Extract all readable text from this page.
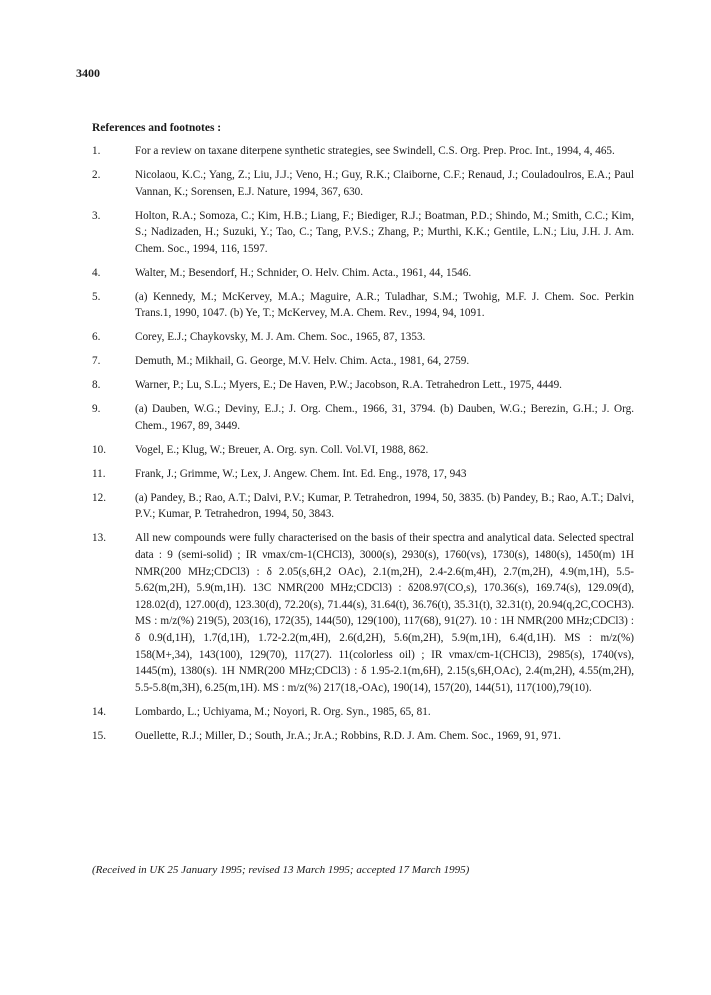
3400
References and footnotes :
1.	For a review on taxane diterpene synthetic strategies, see Swindell, C.S. Org. Prep. Proc. Int., 1994, 4, 465.
2.	Nicolaou, K.C.; Yang, Z.; Liu, J.J.; Veno, H.; Guy, R.K.; Claiborne, C.F.; Renaud, J.; Couladoulros, E.A.; Paul Vannan, K.; Sorensen, E.J. Nature, 1994, 367, 630.
3.	Holton, R.A.; Somoza, C.; Kim, H.B.; Liang, F.; Biediger, R.J.; Boatman, P.D.; Shindo, M.; Smith, C.C.; Kim, S.; Nadizaden, H.; Suzuki, Y.; Tao, C.; Tang, P.V.S.; Zhang, P.; Murthi, K.K.; Gentile, L.N.; Liu, J.H. J. Am. Chem. Soc., 1994, 116, 1597.
4.	Walter, M.; Besendorf, H.; Schnider, O. Helv. Chim. Acta., 1961, 44, 1546.
5.	(a) Kennedy, M.; McKervey, M.A.; Maguire, A.R.; Tuladhar, S.M.; Twohig, M.F. J. Chem. Soc. Perkin Trans.1, 1990, 1047. (b) Ye, T.; McKervey, M.A. Chem. Rev., 1994, 94, 1091.
6.	Corey, E.J.; Chaykovsky, M. J. Am. Chem. Soc., 1965, 87, 1353.
7.	Demuth, M.; Mikhail, G. George, M.V. Helv. Chim. Acta., 1981, 64, 2759.
8.	Warner, P.; Lu, S.L.; Myers, E.; De Haven, P.W.; Jacobson, R.A. Tetrahedron Lett., 1975, 4449.
9.	(a) Dauben, W.G.; Deviny, E.J.; J. Org. Chem., 1966, 31, 3794. (b) Dauben, W.G.; Berezin, G.H.; J. Org. Chem., 1967, 89, 3449.
10.	Vogel, E.; Klug, W.; Breuer, A. Org. syn. Coll. Vol.VI, 1988, 862.
11.	Frank, J.; Grimme, W.; Lex, J. Angew. Chem. Int. Ed. Eng., 1978, 17, 943
12.	(a) Pandey, B.; Rao, A.T.; Dalvi, P.V.; Kumar, P. Tetrahedron, 1994, 50, 3835. (b) Pandey, B.; Rao, A.T.; Dalvi, P.V.; Kumar, P. Tetrahedron, 1994, 50, 3843.
13.	All new compounds were fully characterised on the basis of their spectra and analytical data. Selected spectral data : 9 (semi-solid) ; IR νmax/cm-1(CHCl3), 3000(s), 2930(s), 1760(vs), 1730(s), 1480(s), 1450(m) 1H NMR(200 MHz;CDCl3) : δ 2.05(s,6H,2 OAc), 2.1(m,2H), 2.4-2.6(m,4H), 2.7(m,2H), 4.9(m,1H), 5.5-5.62(m,2H), 5.9(m,1H). 13C NMR(200 MHz;CDCl3) : δ208.97(CO,s), 170.36(s), 169.74(s), 129.09(d), 128.02(d), 127.00(d), 123.30(d), 72.20(s), 71.44(s), 31.64(t), 36.76(t), 35.31(t), 32.31(t), 20.94(q,2C,COCH3). MS : m/z(%) 219(5), 203(16), 172(35), 144(50), 129(100), 117(68), 91(27). 10 : 1H NMR(200 MHz;CDCl3) : δ 0.9(d,1H), 1.7(d,1H), 1.72-2.2(m,4H), 2.6(d,2H), 5.6(m,2H), 5.9(m,1H), 6.4(d,1H). MS : m/z(%) 158(M+,34), 143(100), 129(70), 117(27). 11(colorless oil) ; IR νmax/cm-1(CHCl3), 2985(s), 1740(vs), 1445(m), 1380(s). 1H NMR(200 MHz;CDCl3) : δ 1.95-2.1(m,6H), 2.15(s,6H,OAc), 2.4(m,2H), 4.55(m,2H), 5.5-5.8(m,3H), 6.25(m,1H). MS : m/z(%) 217(18,-OAc), 190(14), 157(20), 144(51), 117(100),79(10).
14.	Lombardo, L.; Uchiyama, M.; Noyori, R. Org. Syn., 1985, 65, 81.
15.	Ouellette, R.J.; Miller, D.; South, Jr.A.; Jr.A.; Robbins, R.D. J. Am. Chem. Soc., 1969, 91, 971.
(Received in UK 25 January 1995; revised 13 March 1995; accepted 17 March 1995)
